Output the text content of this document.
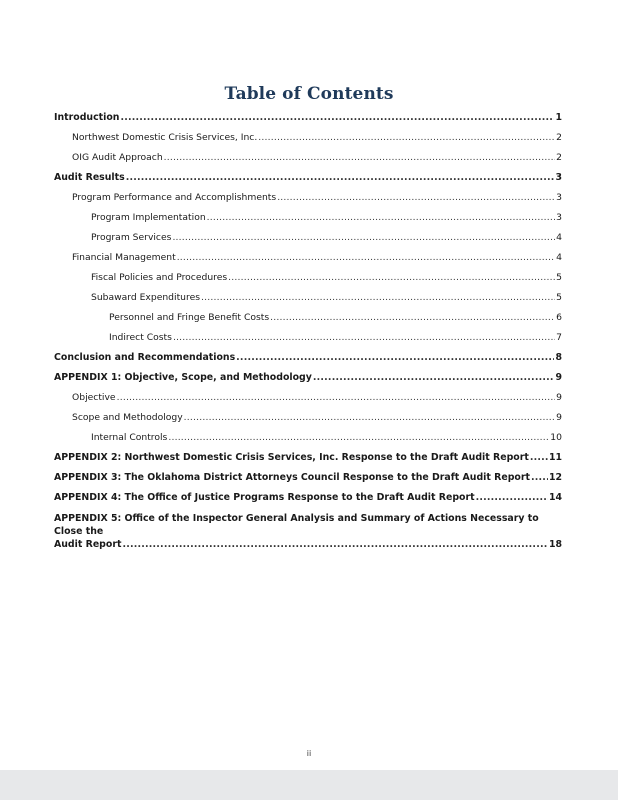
Table of Contents
Introduction .....	1
Northwest Domestic Crisis Services, Inc. .....	2
OIG Audit Approach .....	2
Audit Results .....	3
Program Performance and Accomplishments .....	3
Program Implementation .....	3
Program Services .....	4
Financial Management .....	4
Fiscal Policies and Procedures .....	5
Subaward Expenditures .....	5
Personnel and Fringe Benefit Costs .....	6
Indirect Costs .....	7
Conclusion and Recommendations .....	8
APPENDIX 1: Objective, Scope, and Methodology .....	9
Objective .....	9
Scope and Methodology .....	9
Internal Controls .....	10
APPENDIX 2: Northwest Domestic Crisis Services, Inc. Response to the Draft Audit Report ..... 11
APPENDIX 3: The Oklahoma District Attorneys Council Response to the Draft Audit Report ..... 12
APPENDIX 4: The Office of Justice Programs Response to the Draft Audit Report .....	14
APPENDIX 5: Office of the Inspector General Analysis and Summary of Actions Necessary to Close the
Audit Report .....	18
ii
